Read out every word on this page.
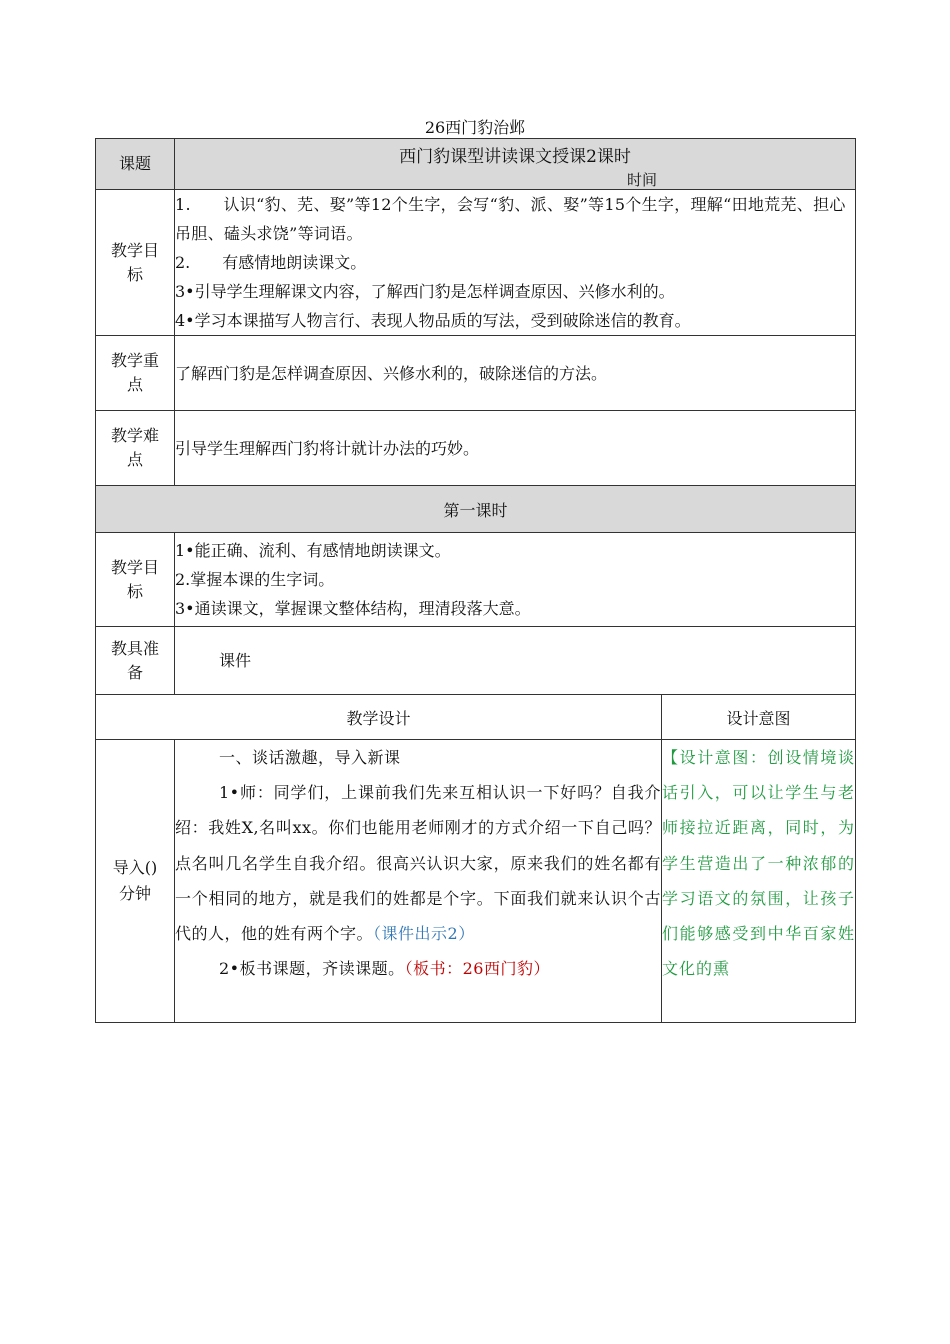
26西门豹治邺
课题	西门豹课型讲读课文授课2课时
时间	

教学目标	1.　　认识“豹、芜、娶”等12个生字，会写“豹、派、娶”等15个生字，理解“田地荒芜、担心吊胆、磕头求饶”等词语。
2.　　有感情地朗读课文。
3•引导学生理解课文内容，了解西门豹是怎样调查原因、兴修水利的。
4•学习本课描写人物言行、表现人物品质的写法，受到破除迷信的教育。	

教学重点	了解西门豹是怎样调查原因、兴修水利的，破除迷信的方法。	

教学难点	引导学生理解西门豹将计就计办法的巧妙。	

第一课时		
教学目标	1•能正确、流利、有感情地朗读课文。
2.掌握本课的生字词。
3•通读课文，掌握课文整体结构，理清段落大意。	

教具准备	课件	

教学设计		设计意图
导入()分钟	一、谈话激趣，导入新课

1•师：同学们，上课前我们先来互相认识一下好吗？自我介绍：我姓X,名叫xx。你们也能用老师刚才的方式介绍一下自己吗？点名叫几名学生自我介绍。很高兴认识大家，原来我们的姓名都有一个相同的地方，就是我们的姓都是个字。下面我们就来认识个古代的人，他的姓有两个字。（课件出示2）

2•板书课题，齐读课题。（板书：26西门豹）	【设计意图：创设情境谈话引入，可以让学生与老师接拉近距离，同时，为学生营造出了一种浓郁的学习语文的氛围，让孩子们能够感受到中华百家姓文化的熏
